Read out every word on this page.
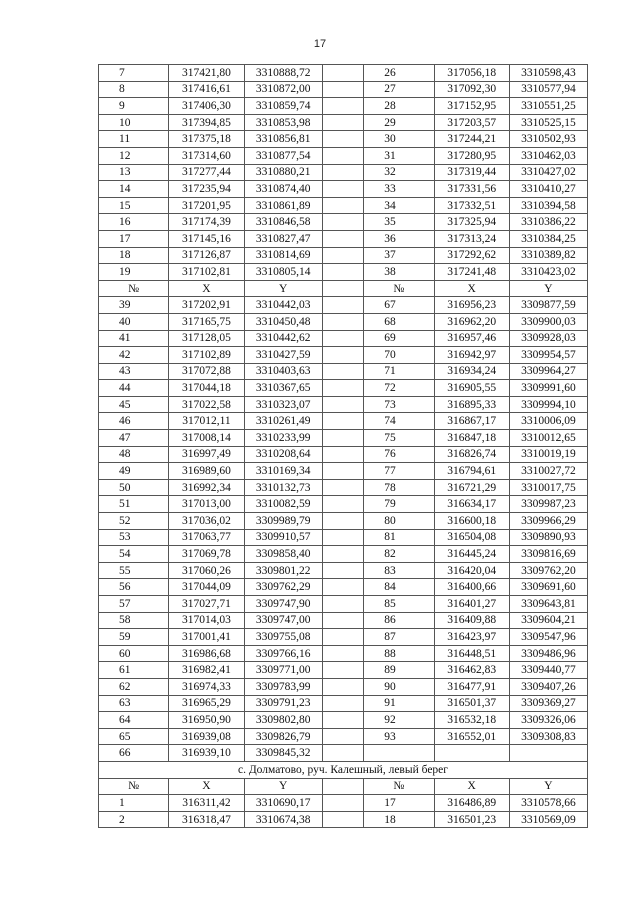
17
7	317421,80	3310888,72		26	317056,18	3310598,43
8	317416,61	3310872,00		27	317092,30	3310577,94
9	317406,30	3310859,74		28	317152,95	3310551,25
10	317394,85	3310853,98		29	317203,57	3310525,15
11	317375,18	3310856,81		30	317244,21	3310502,93
12	317314,60	3310877,54		31	317280,95	3310462,03
13	317277,44	3310880,21		32	317319,44	3310427,02
14	317235,94	3310874,40		33	317331,56	3310410,27
15	317201,95	3310861,89		34	317332,51	3310394,58
16	317174,39	3310846,58		35	317325,94	3310386,22
17	317145,16	3310827,47		36	317313,24	3310384,25
18	317126,87	3310814,69		37	317292,62	3310389,82
19	317102,81	3310805,14		38	317241,48	3310423,02
№	X	Y		№	X	Y
39	317202,91	3310442,03		67	316956,23	3309877,59
40	317165,75	3310450,48		68	316962,20	3309900,03
41	317128,05	3310442,62		69	316957,46	3309928,03
42	317102,89	3310427,59		70	316942,97	3309954,57
43	317072,88	3310403,63		71	316934,24	3309964,27
44	317044,18	3310367,65		72	316905,55	3309991,60
45	317022,58	3310323,07		73	316895,33	3309994,10
46	317012,11	3310261,49		74	316867,17	3310006,09
47	317008,14	3310233,99		75	316847,18	3310012,65
48	316997,49	3310208,64		76	316826,74	3310019,19
49	316989,60	3310169,34		77	316794,61	3310027,72
50	316992,34	3310132,73		78	316721,29	3310017,75
51	317013,00	3310082,59		79	316634,17	3309987,23
52	317036,02	3309989,79		80	316600,18	3309966,29
53	317063,77	3309910,57		81	316504,08	3309890,93
54	317069,78	3309858,40		82	316445,24	3309816,69
55	317060,26	3309801,22		83	316420,04	3309762,20
56	317044,09	3309762,29		84	316400,66	3309691,60
57	317027,71	3309747,90		85	316401,27	3309643,81
58	317014,03	3309747,00		86	316409,88	3309604,21
59	317001,41	3309755,08		87	316423,97	3309547,96
60	316986,68	3309766,16		88	316448,51	3309486,96
61	316982,41	3309771,00		89	316462,83	3309440,77
62	316974,33	3309783,99		90	316477,91	3309407,26
63	316965,29	3309791,23		91	316501,37	3309369,27
64	316950,90	3309802,80		92	316532,18	3309326,06
65	316939,08	3309826,79		93	316552,01	3309308,83
66	316939,10	3309845,32				
с. Долматово, руч. Калешный, левый берег						
№	X	Y		№	X	Y
1	316311,42	3310690,17		17	316486,89	3310578,66
2	316318,47	3310674,38		18	316501,23	3310569,09
